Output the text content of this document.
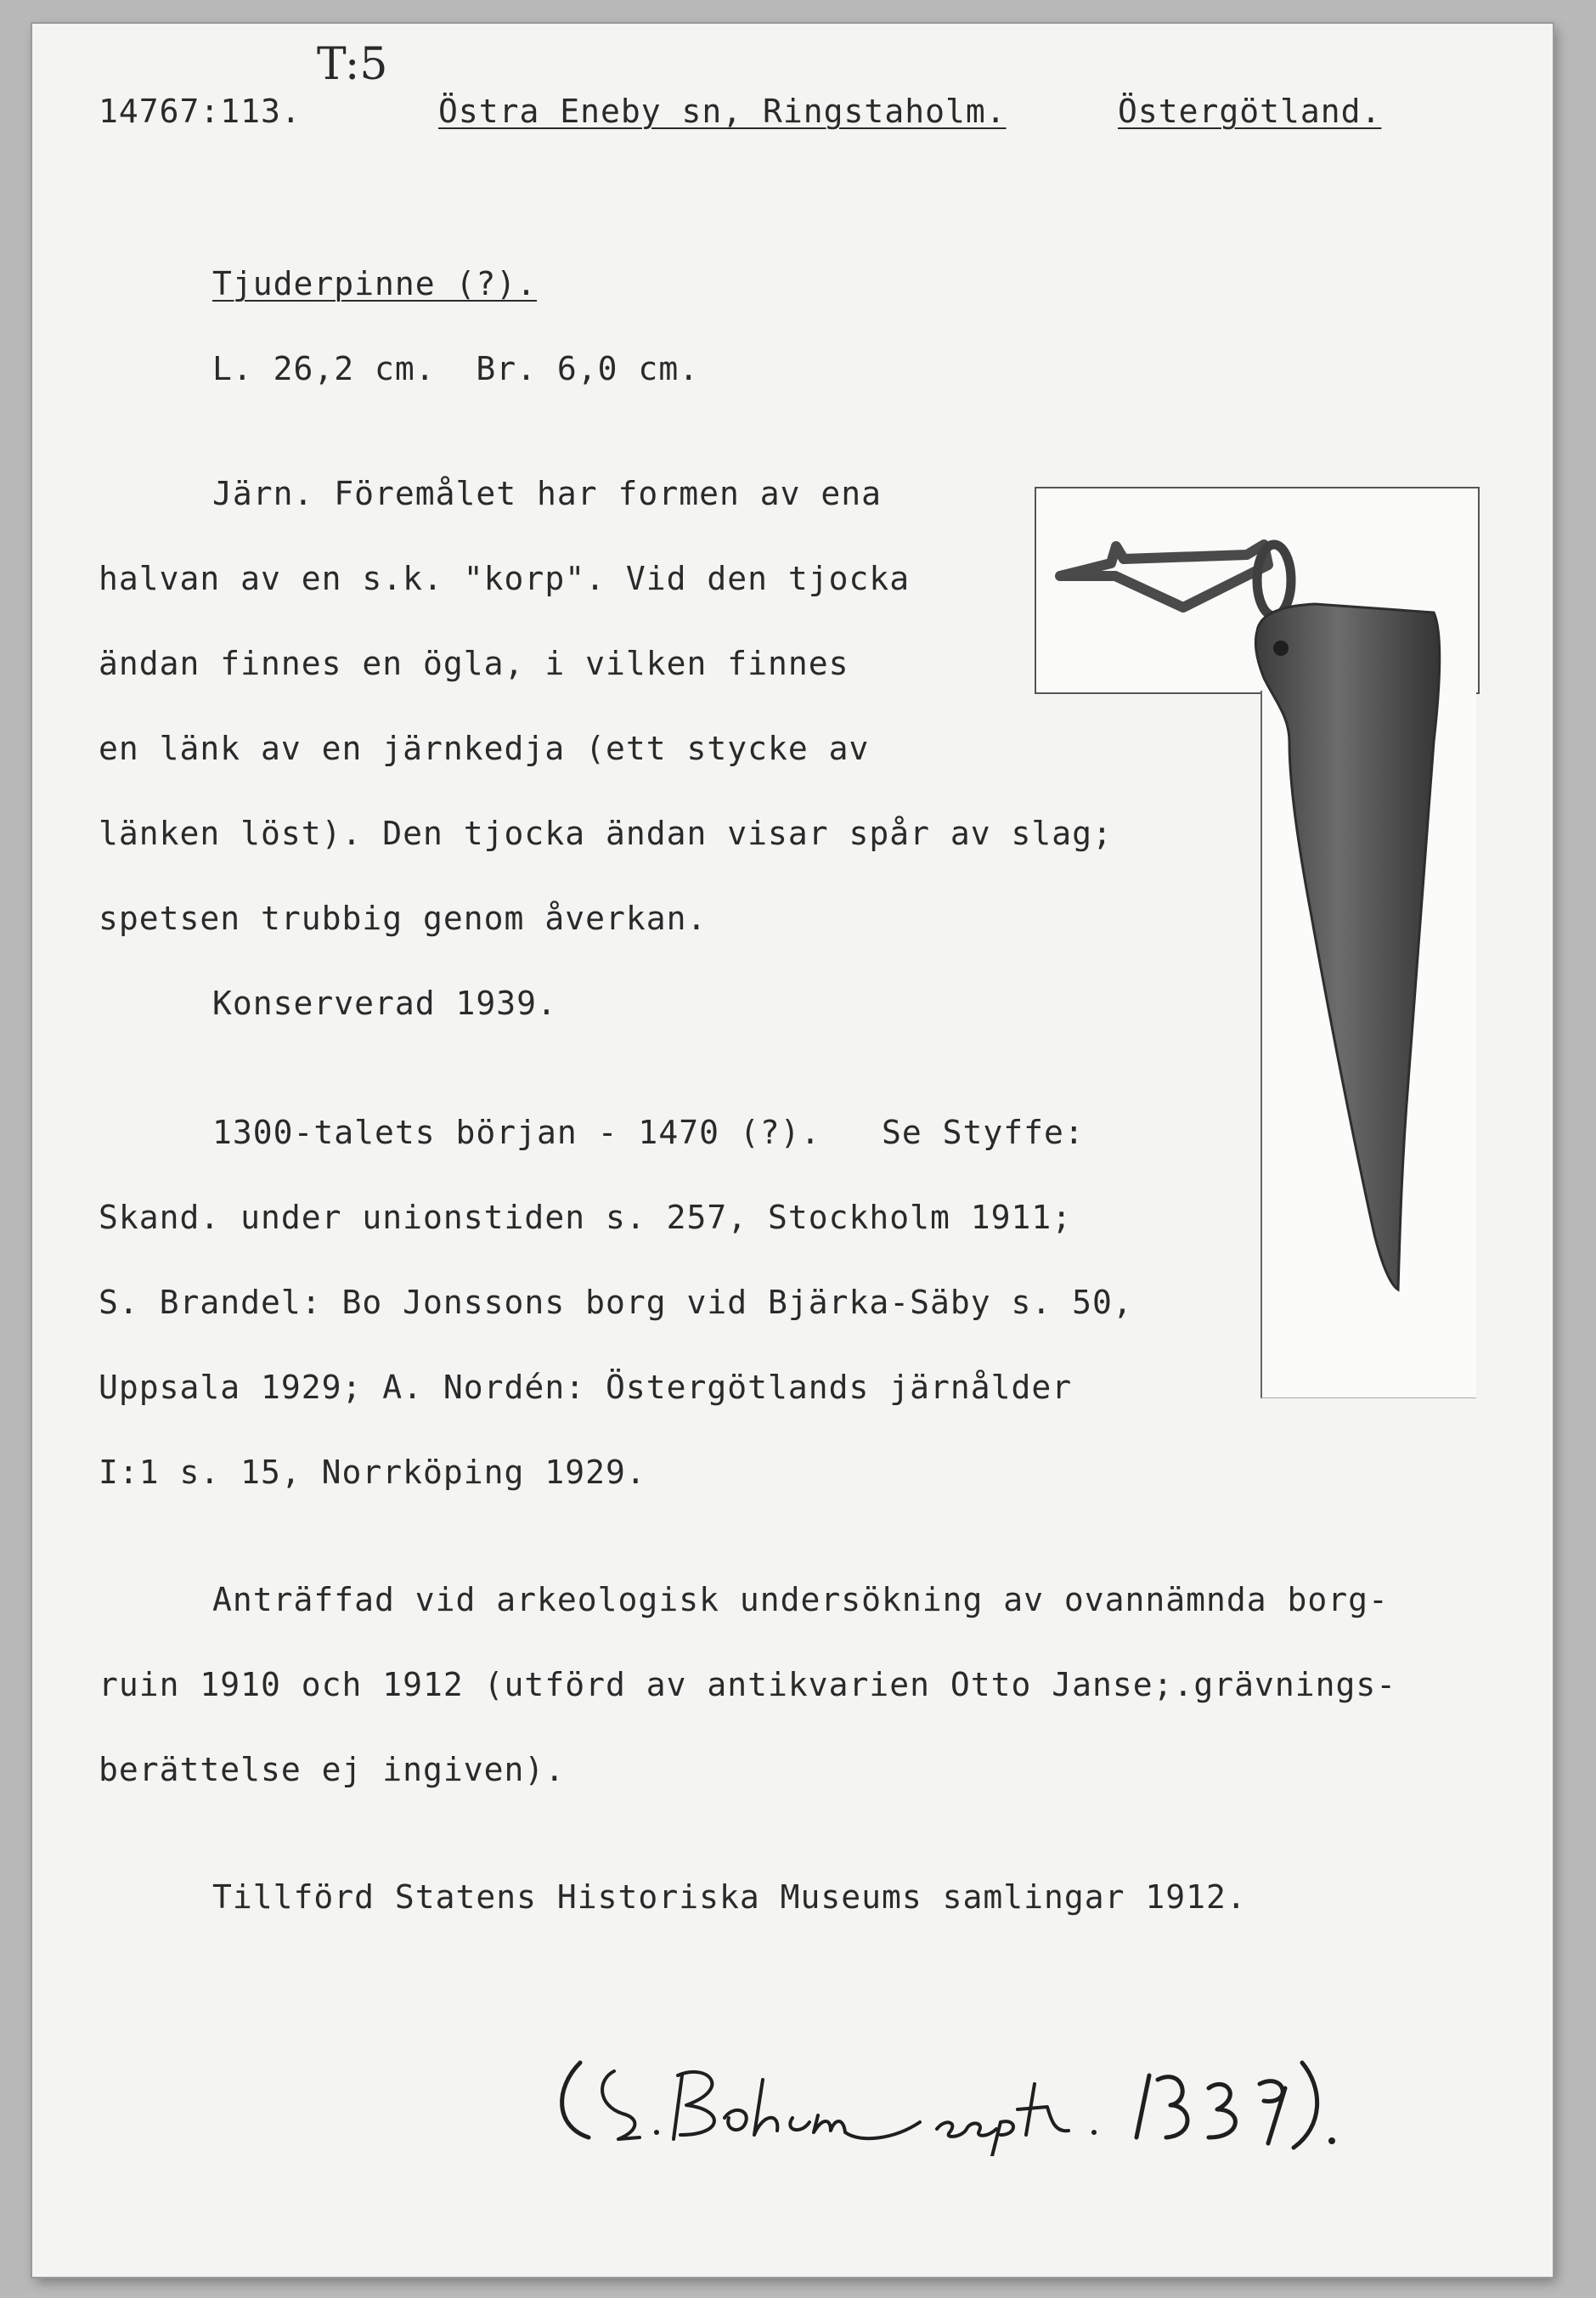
T:5
14767:113.	Östra Eneby sn, Ringstaholm.	Östergötland.
Tjuderpinne (?).
L. 26,2 cm.  Br. 6,0 cm.
Järn. Föremålet har formen av ena
halvan av en s.k. "korp". Vid den tjocka
ändan finnes en ögla, i vilken finnes
en länk av en järnkedja (ett stycke av
länken löst). Den tjocka ändan visar spår av slag;
spetsen trubbig genom åverkan.
Konserverad 1939.
1300-talets början - 1470 (?).   Se Styffe:
Skand. under unionstiden s. 257, Stockholm 1911;
S. Brandel: Bo Jonssons borg vid Bjärka-Säby s. 50,
Uppsala 1929; A. Nordén: Östergötlands järnålder
I:1 s. 15, Norrköping 1929.
Anträffad vid arkeologisk undersökning av ovannämnda borg-
ruin 1910 och 1912 (utförd av antikvarien Otto Janse;.grävnings-
berättelse ej ingiven).
Tillförd Statens Historiska Museums samlingar 1912.
